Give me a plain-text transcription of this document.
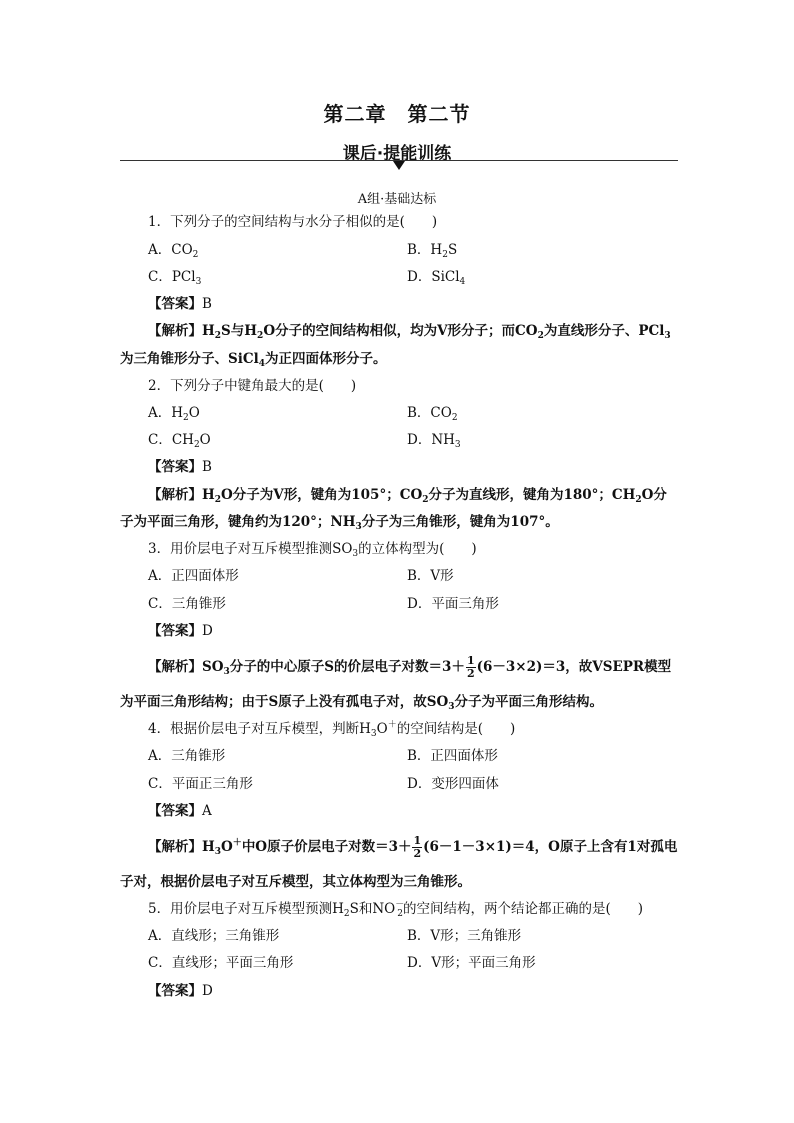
第二章　第二节
课后·提能训练
A组·基础达标
1．下列分子的空间结构与水分子相似的是(　　)
A．$CO_2$	B．$H_2S$
C．PCl$_3$	D．SiCl$_4$
【答案】B
【解析】$H_2S$与$H_2O$分子的空间结构相似，均为V形分子；而$CO_2$为直线形分子、PCl$_3$
为三角锥形分子、SiCl$_4$为正四面体形分子。
2．下列分子中键角最大的是(　　)
A．$H_2O$	B．$CO_2$
C．$CH_2O$	D．$NH_3$
【答案】B
【解析】$H_2O$分子为V形，键角为105°；$CO_2$分子为直线形，键角为180°；$CH_2O$分
子为平面三角形，键角约为120°；$NH_3$分子为三角锥形，键角为107°。
3．用价层电子对互斥模型推测$SO_3$的立体构型为(　　)
A．正四面体形	B．V形
C．三角锥形	D．平面三角形
【答案】D
【解析】$SO_3$分子的中心原子S的价层电子对数$=3+ \frac{1}{2} (6-3\times 2)=3$，故VSEPR模型
为平面三角形结构；由于S原子上没有孤电子对，故$SO_3$分子为平面三角形结构。
4．根据价层电子对互斥模型，判断$H_3O^+$的空间结构是(　　)
A．三角锥形	B．正四面体形
C．平面正三角形	D．变形四面体
【答案】A
【解析】$H_3O^+$中O原子价层电子对数$=3+ \frac{1}{2} (6-1-3\times 1)=4$，O原子上含有1对孤电
子对，根据价层电子对互斥模型，其立体构型为三角锥形。
5．用价层电子对互斥模型预测$H_2S$和$NO^-_2$的空间结构，两个结论都正确的是(　　)
A．直线形；三角锥形	B．V形；三角锥形
C．直线形；平面三角形	D．V形；平面三角形
【答案】D
